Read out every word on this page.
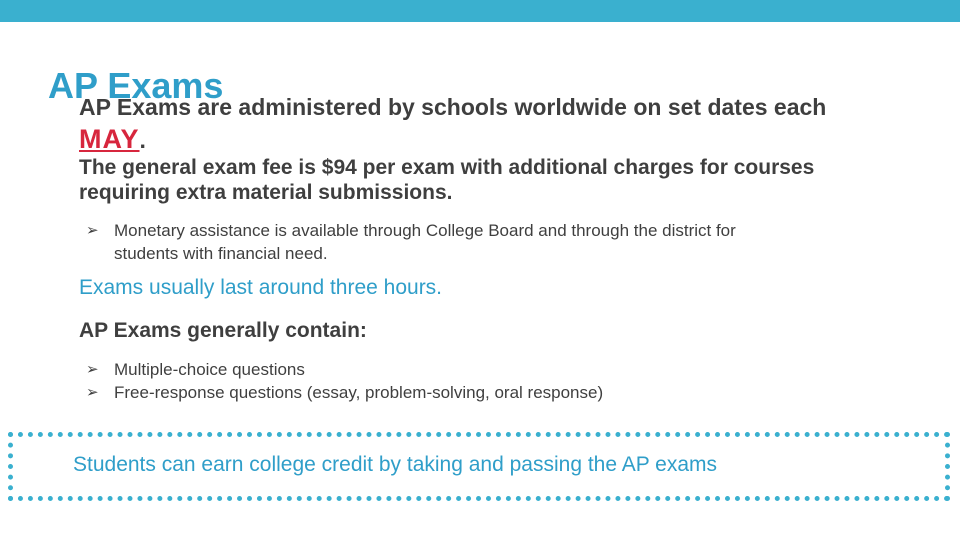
AP Exams

AP Exams are administered by schools worldwide on set dates each MAY.

The general exam fee is $94 per exam with additional charges for courses requiring extra material submissions.

➢ Monetary assistance is available through College Board and through the district for students with financial need.

Exams usually last around three hours.

AP Exams generally contain:

➢ Multiple-choice questions
➢ Free-response questions (essay, problem-solving, oral response)

Students can earn college credit by taking and passing the AP exams
